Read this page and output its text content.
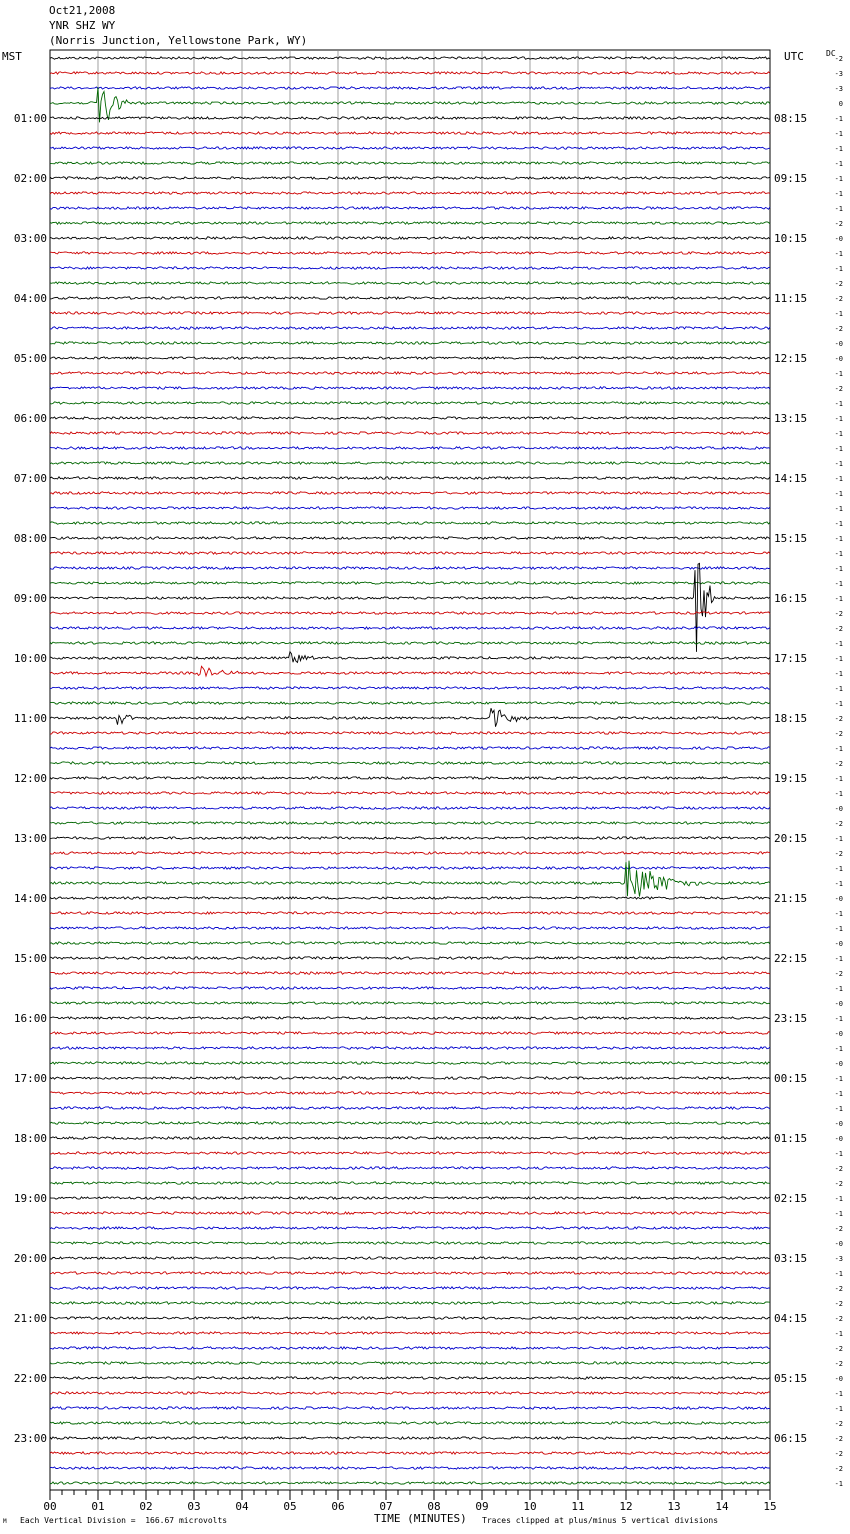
Oct21,2008
YNR SHZ WY
(Norris Junction, Yellowstone Park, WY)
MST	UTC	DC
-2
-3
-3
0
-1
-1
-1
-1
-1
-1
-1
-2
-0
-1
-1
-2
-2
-1
-2
-0
-0
-1
-2
-1
-1
-1
-1
-1
-1
-1
-1
-1
-1
-1
-1
-1
-1
-2
-2
-1
-1
-1
-1
-1
-2
-2
-1
-2
-1
-1
-0
-2
-1
-2
-1
-1
-0
-1
-1
-0
-1
-2
-1
-0
-1
-0
-1
-0
-1
-1
-1
-0
-0
-1
-2
-2
-1
-1
-2
-0
-3
-1
-2
-2
-2
-1
-2
-2
-0
-1
-1
-2
-2
-2
-2
-1
01:00
02:00
03:00
04:00
05:00
06:00
07:00
08:00
09:00
10:00
11:00
12:00
13:00
14:00
15:00
16:00
17:00
18:00
19:00
20:00
21:00
22:00
23:00
08:15
09:15
10:15
11:15
12:15
13:15
14:15
15:15
16:15
17:15
18:15
19:15
20:15
21:15
22:15
23:15
00:15
01:15
02:15
03:15
04:15
05:15
06:15
00	01	02	03	04	05	06	07	08	09	10	11	12	13	14	15
M Each Vertical Division =  166.67 microvolts	TIME (MINUTES) Traces clipped at plus/minus 5 vertical divisions
